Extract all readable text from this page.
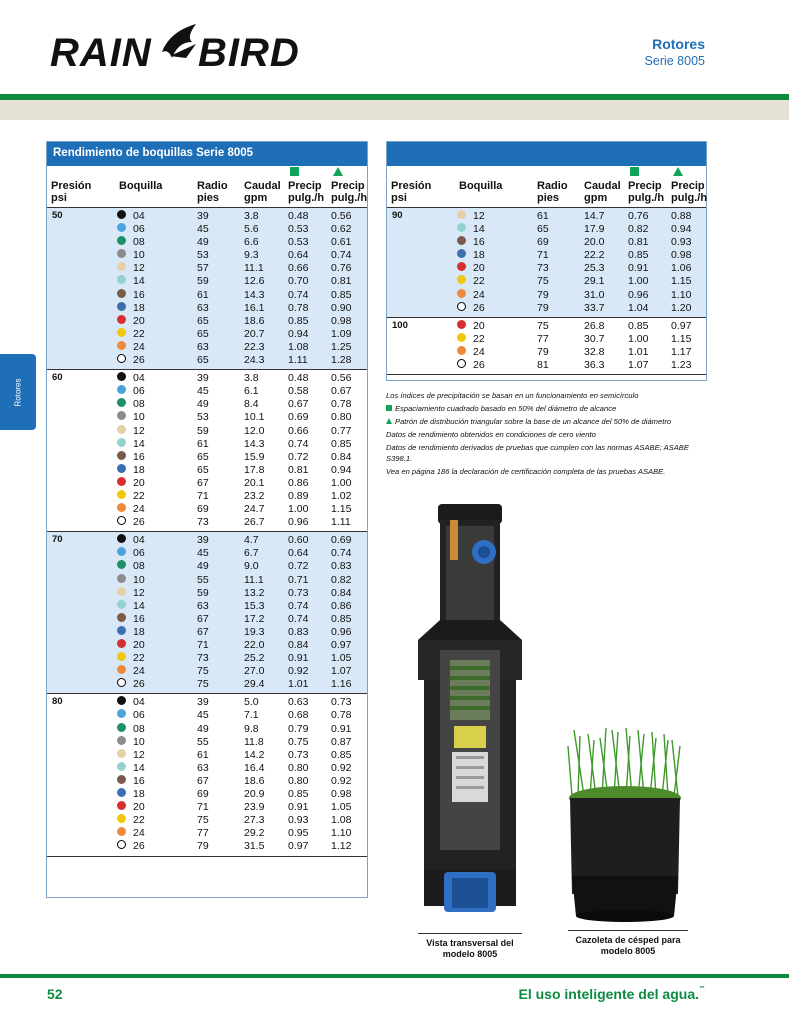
RAIN BIRD	Rotores
Serie 8005
Rotores
Rendimiento de boquillas Serie 8005
Presión
psi
Boquilla	Radio
pies
Caudal
gpm
Precip
pulg./h
Precip
pulg./h
50	04	39	3.8	0.48 0.56
06	45	5.6	0.53 0.62
08	49	6.6	0.53 0.61
10	53	9.3	0.64 0.74
12	57	11.1 0.66 0.76
14	59	12.6 0.70 0.81
16	61	14.3 0.74 0.85
18	63	16.1 0.78 0.90
20	65	18.6 0.85 0.98
22	65	20.7 0.94 1.09
24	63	22.3 1.08 1.25
26	65	24.3 1.11 1.28
60	04	39	3.8	0.48 0.56
06	45	6.1	0.58 0.67
08	49	8.4	0.67 0.78
10	53	10.1 0.69 0.80
12	59	12.0 0.66 0.77
14	61	14.3 0.74 0.85
16	65	15.9 0.72 0.84
18	65	17.8 0.81 0.94
20	67	20.1 0.86 1.00
22	71	23.2 0.89 1.02
24	69	24.7 1.00 1.15
26	73	26.7 0.96 1.11
70	04	39	4.7	0.60 0.69
06	45	6.7	0.64 0.74
08	49	9.0	0.72 0.83
10	55	11.1 0.71 0.82
12	59	13.2 0.73 0.84
14	63	15.3 0.74 0.86
16	67	17.2 0.74 0.85
18	67	19.3 0.83 0.96
20	71	22.0 0.84 0.97
22	73	25.2 0.91 1.05
24	75	27.0 0.92 1.07
26	75	29.4 1.01 1.16
80	04	39	5.0	0.63 0.73
06	45	7.1	0.68 0.78
08	49	9.8	0.79 0.91
10	55	11.8 0.75 0.87
12	61	14.2 0.73 0.85
14	63	16.4 0.80 0.92
16	67	18.6 0.80 0.92
18	69	20.9 0.85 0.98
20	71	23.9 0.91 1.05
22	75	27.3 0.93 1.08
24	77	29.2 0.95 1.10
26	79	31.5 0.97 1.12
Presión
psi
Boquilla	Radio
pies
Caudal
gpm
Precip
pulg./h
Precip
pulg./h
90	12	61	14.7 0.76 0.88
14	65	17.9 0.82 0.94
16	69	20.0 0.81 0.93
18	71	22.2 0.85 0.98
20	73	25.3 0.91 1.06
22	75	29.1 1.00 1.15
24	79	31.0 0.96 1.10
26	79	33.7 1.04 1.20
100	20	75	26.8 0.85 0.97
22	77	30.7 1.00 1.15
24	79	32.8 1.01 1.17
26	81	36.3 1.07 1.23

Los índices de precipitación se basan en un funcionamiento en semicírculo

Espaciamiento cuadrado basado en 50% del diámetro de alcance

Patrón de distribución triangular sobre la base de un alcance del 50% de diámetro

Datos de rendimiento obtenidos en condiciones de cero viento

Datos de rendimiento derivados de pruebas que cumplen con las normas ASABE; ASABE S398.1.

Vea en página 186 la declaración de certificación completa de las pruebas ASABE.

Vista transversal del modelo 8005
Cazoleta de césped para modelo 8005
52	El uso inteligente del agua.™
